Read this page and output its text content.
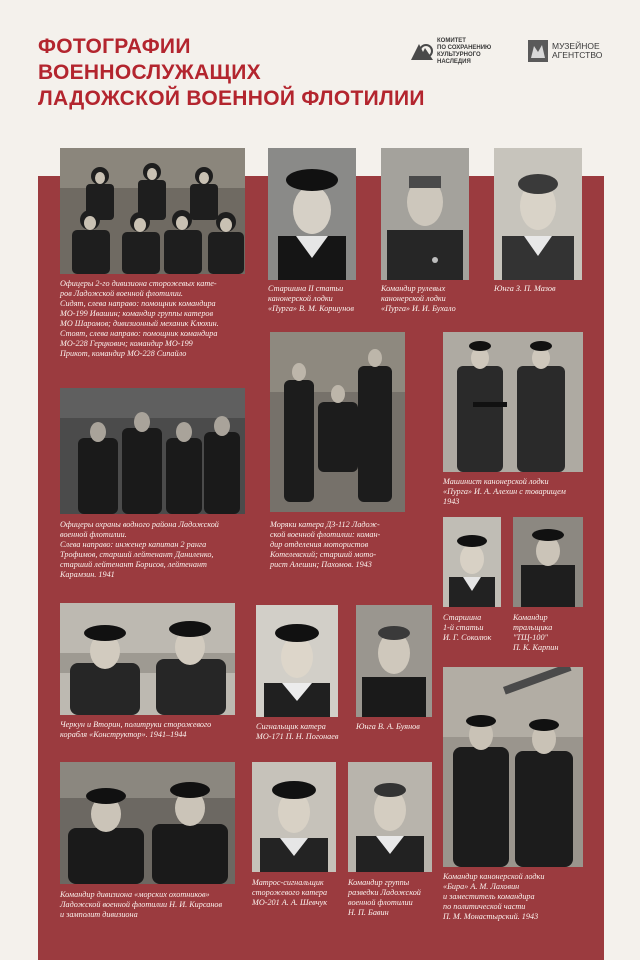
ФОТОГРАФИИ
ВОЕННОСЛУЖАЩИХ
ЛАДОЖСКОЙ ВОЕННОЙ ФЛОТИЛИИ
КОМИТЕТ
ПО СОХРАНЕНИЮ
КУЛЬТУРНОГО
НАСЛЕДИЯ
МУЗЕЙНОЕ
АГЕНТСТВО
Офицеры 2-го дивизиона сторожевых кате-
ров Ладожской военной флотилии.
Сидят, слева направо: помощник командира
МО-199 Ивашин; командир группы катеров
МО Шаромов; дивизионный механик Клюхин.
Стоят, слева направо: помощник командира
МО-228 Герцкович; командир МО-199
Прикот, командир МО-228 Сипайло
Старшина II статьи
канонерской лодки
«Пурга» В. М. Коршунов
Командир рулевых
канонерской лодки
«Пурга» И. И. Бухало
Юнга З. П. Мазов
Офицеры охраны водного района Ладожской
военной флотилии.
Слева направо: инженер капитан 2 ранга
Трофимов, старший лейтенант Даниленко,
старший лейтенант Борисов, лейтенант
Карамзин. 1941
Моряки катера ДЗ-112 Ладож-
ской военной флотилии: коман-
дир отделения мотористов
Котелевский; старший мото-
рист Алешин; Пахомов. 1943
Машинист канонерской лодки
«Пурга» И. А. Алехин с товарищем
1943
Старшина
1-й статьи
И. Г. Соколюк
Командир
тральщика
"ТЩ-100"
П. К. Карпин
Черкун и Вторин, политруки сторожевого
корабля «Конструктор». 1941–1944
Сигнальщик катера
МО-171 П. Н. Погонаев
Юнга В. А. Буянов
Командир канонерской лодки
«Бира» А. М. Лаховин
и заместитель командира
по политической части
П. М. Монастырский. 1943
Командир дивизиона «морских охотников»
Ладожской военной флотилии Н. И. Кирсанов
и замполит дивизиона
Матрос-сигнальщик
сторожевого катера
МО-201 А. А. Шевчук
Командир группы
разведки Ладожской
военной флотилии
Н. П. Бавин
